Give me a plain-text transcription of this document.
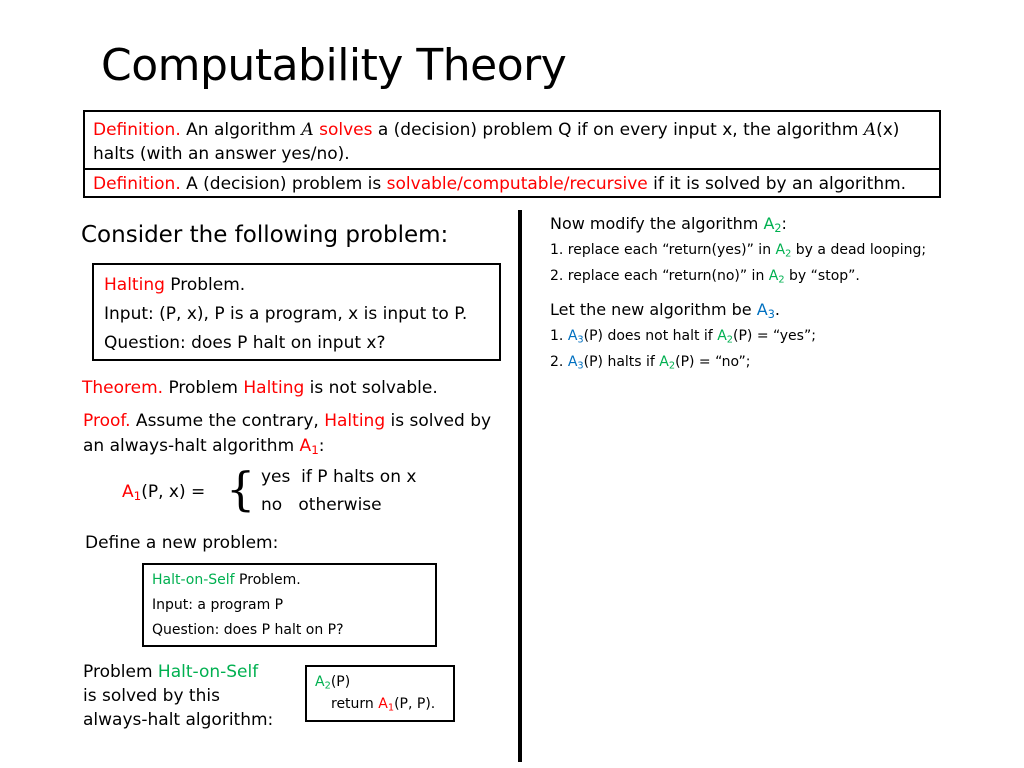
Computability Theory
Definition. An algorithm A solves a (decision) problem Q if on every input x, the algorithm A(x) halts (with an answer yes/no).
Definition. A (decision) problem is solvable/computable/recursive if it is solved by an algorithm.
Consider the following problem:
Halting Problem.
Input: (P, x), P is a program, x is input to P.
Question: does P halt on input x?
Theorem. Problem Halting is not solvable.
Proof. Assume the contrary, Halting is solved by an always-halt algorithm $A_1$:
$A_1(P$, x) = { yes  if P halts on x
no   otherwise
Define a new problem:
Halt-on-Self Problem.
Input: a program P
Question: does P halt on P?
Problem Halt-on-Self
is solved by this
always-halt algorithm:
$A_2(P)$
return $A_1(P$, P).
Now modify the algorithm $A_2$:
1. replace each “return(yes)” in $A_2$ by a dead looping;
2. replace each “return(no)” in $A_2$ by “stop”.
Let the new algorithm be $A_3$.
1. $A_3(P)$ does not halt if $A_2(P)$ = “yes”;
2. $A_3(P)$ halts if $A_2(P)$ = “no”;
